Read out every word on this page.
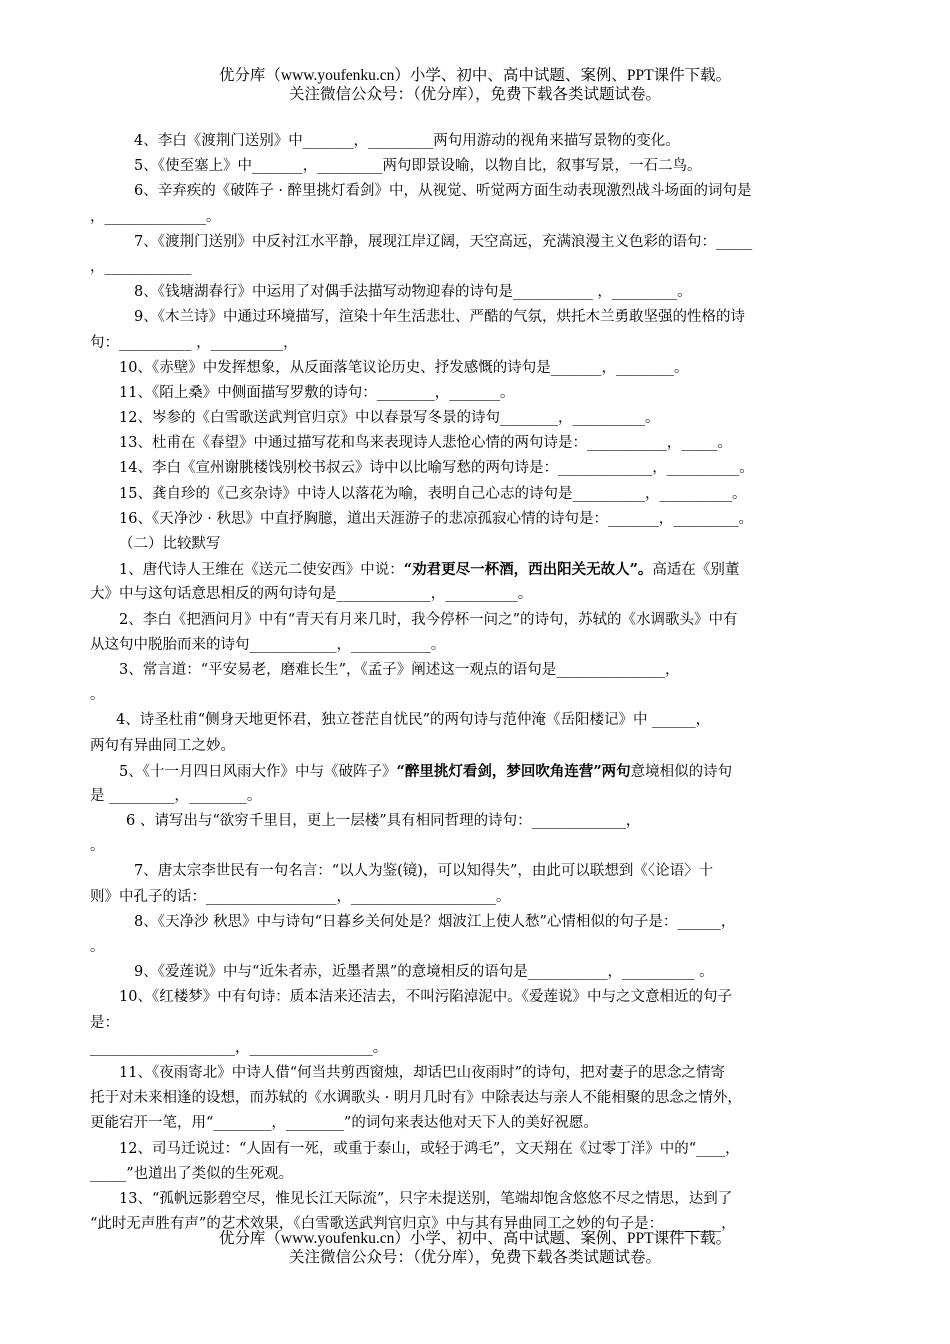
优分库（www.youfenku.cn）小学、初中、高中试题、案例、PPT课件下载。
关注微信公众号：（优分库），免费下载各类试题试卷。
4、李白《渡荆门送别》中_______，_________两句用游动的视角来描写景物的变化。
5、《使至塞上》中_______，_________两句即景设喻，以物自比，叙事写景，一石二鸟。
6、辛弃疾的《破阵子 · 醉里挑灯看剑》中，从视觉、听觉两方面生动表现激烈战斗场面的词句是
，______________。
7、《渡荆门送别》中反衬江水平静，展现江岸辽阔，天空高远，充满浪漫主义色彩的语句：_____
，____________
8、《钱塘湖春行》中运用了对偶手法描写动物迎春的诗句是___________ ，_________。
9、《木兰诗》中通过环境描写，渲染十年生活悲壮、严酷的气氛，烘托木兰勇敢坚强的性格的诗
句：__________ ，__________，
10、《赤壁》中发挥想象，从反面落笔议论历史、抒发感慨的诗句是_______，________。
11、《陌上桑》中侧面描写罗敷的诗句：________，_______。
12、岑参的《白雪歌送武判官归京》中以春景写冬景的诗句________，__________。
13、杜甫在《春望》中通过描写花和鸟来表现诗人悲怆心情的两句诗是：___________，_____。
14、李白《宣州谢朓楼饯别校书叔云》诗中以比喻写愁的两句诗是：_____________，__________。
15、龚自珍的《己亥杂诗》中诗人以落花为喻，表明自己心志的诗句是__________，__________。
16、《天净沙 · 秋思》中直抒胸臆，道出天涯游子的悲凉孤寂心情的诗句是：_______，_________。
（二）比较默写
1、唐代诗人王维在《送元二使安西》中说：“劝君更尽一杯酒，西出阳关无故人”。高适在《别董
大》中与这句话意思相反的两句诗句是_____________，__________。
2、李白《把酒问月》中有“青天有月来几时，我今停杯一问之”的诗句，苏轼的《水调歌头》中有
从这句中脱胎而来的诗句____________，___________。
3、常言道：“平安易老，磨难长生”，《孟子》阐述这一观点的语句是_______________，
。
4、诗圣杜甫“侧身天地更怀君，独立苍茫自忧民”的两句诗与范仲淹《岳阳楼记》中 ______，
两句有异曲同工之妙。
5、《十一月四日风雨大作》中与《破阵子》“醉里挑灯看剑，梦回吹角连营”两句意境相似的诗句
是 _________，________。
6 、请写出与“欲穷千里目，更上一层楼”具有相同哲理的诗句：_____________，
。
7、唐太宗李世民有一句名言：“以人为鉴(镜)，可以知得失”，由此可以联想到《〈论语〉十
则》中孔子的话：__________________，____________________。
8、《天净沙 秋思》中与诗句“日暮乡关何处是？烟波江上使人愁”心情相似的句子是：______，
。
9、《爱莲说》中与“近朱者赤，近墨者黑”的意境相反的语句是___________，__________ 。
10、《红楼梦》中有句诗：质本洁来还洁去，不叫污陷淖泥中。《爱莲说》中与之文意相近的句子
是：
____________________，_________________。
11、《夜雨寄北》中诗人借“何当共剪西窗烛，却话巴山夜雨时”的诗句，把对妻子的思念之情寄
托于对未来相逢的设想，而苏轼的《水调歌头 · 明月几时有》中除表达与亲人不能相聚的思念之情外，
更能宕开一笔，用“________，________”的词句来表达他对天下人的美好祝愿。
12、司马迁说过：“人固有一死，或重于泰山，或轻于鸿毛”，文天翔在《过零丁洋》中的“____，
_____”也道出了类似的生死观。
13、“孤帆远影碧空尽，惟见长江天际流”，只字未提送别，笔端却饱含悠悠不尽之情思，达到了
“此时无声胜有声”的艺术效果，《白雪歌送武判官归京》中与其有异曲同工之妙的句子是：________，
优分库（www.youfenku.cn）小学、初中、高中试题、案例、PPT课件下载。
关注微信公众号：（优分库），免费下载各类试题试卷。
